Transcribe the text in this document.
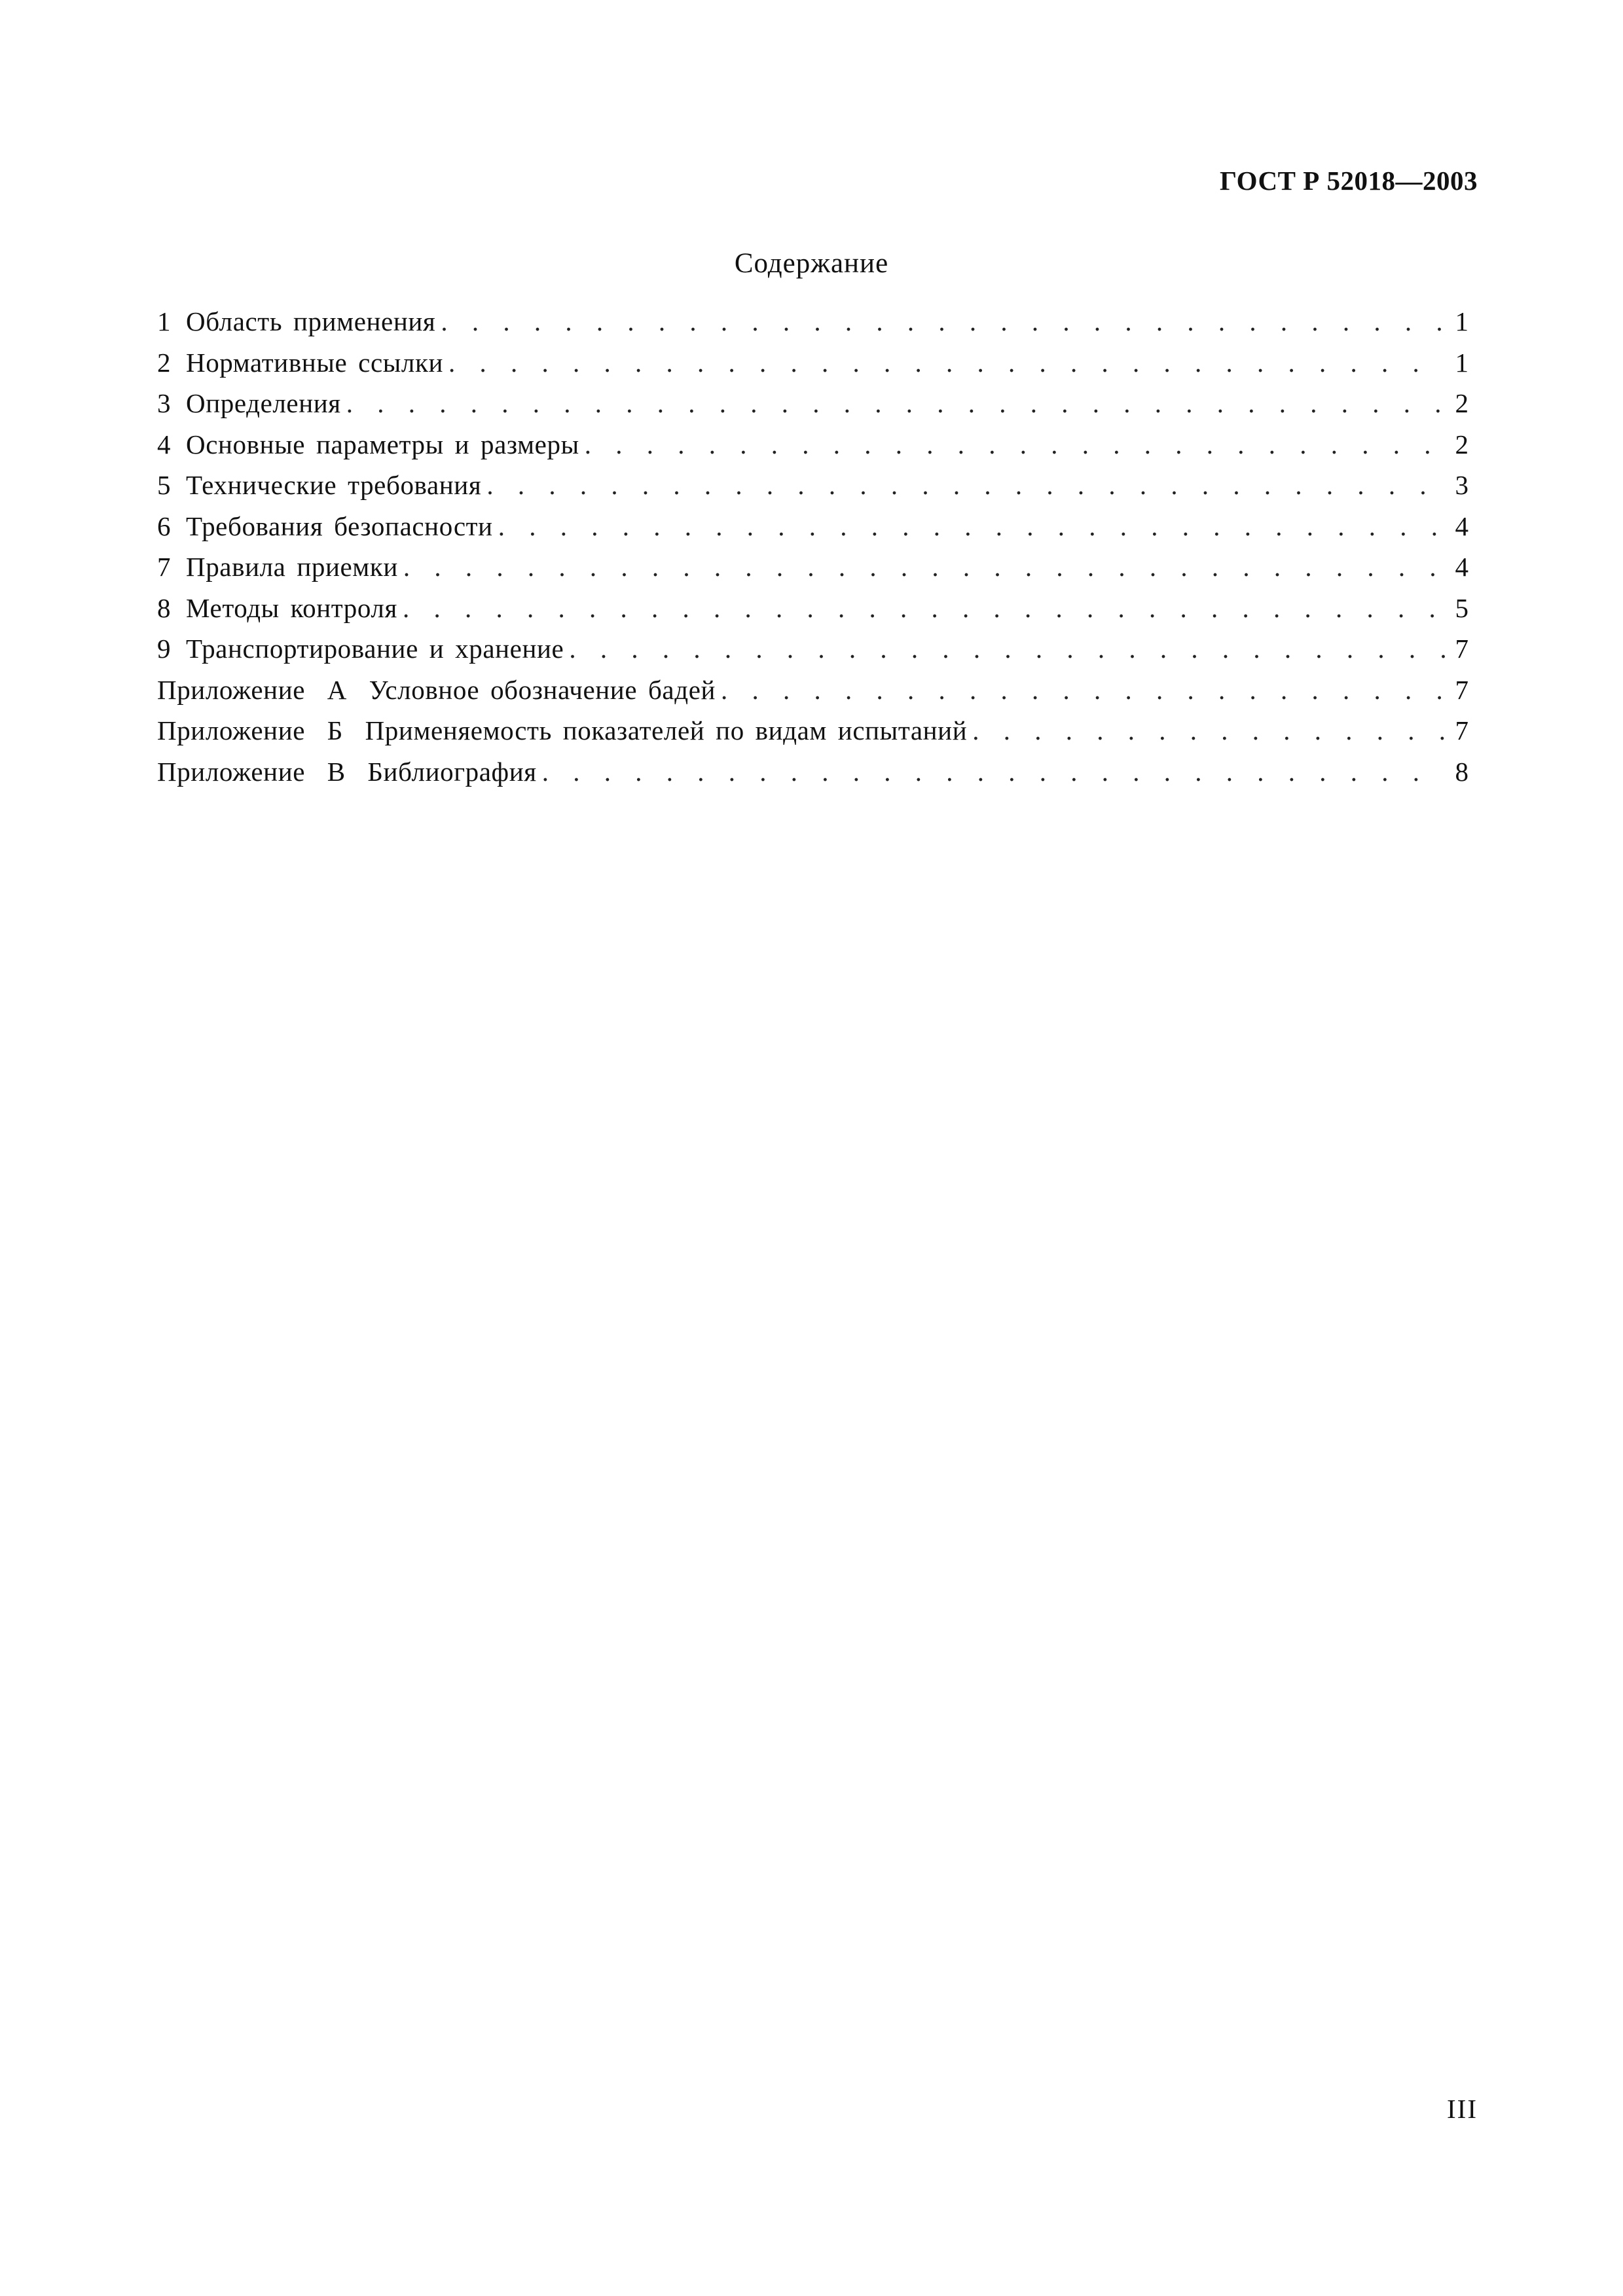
ГОСТ Р 52018—2003
Содержание
1 Область применения . . .	1
2 Нормативные ссылки . . .	1
3 Определения . . .	2
4 Основные параметры и размеры . . .	2
5 Технические требования . . .	3
6 Требования безопасности . . .	4
7 Правила приемки . . .	4
8 Методы контроля . . .	5
9 Транспортирование и хранение . . .	7
Приложение  А  Условное обозначение бадей . . .	7
Приложение  Б  Применяемость показателей по видам испытаний . . .	7
Приложение  В  Библиография . . .	8
III
